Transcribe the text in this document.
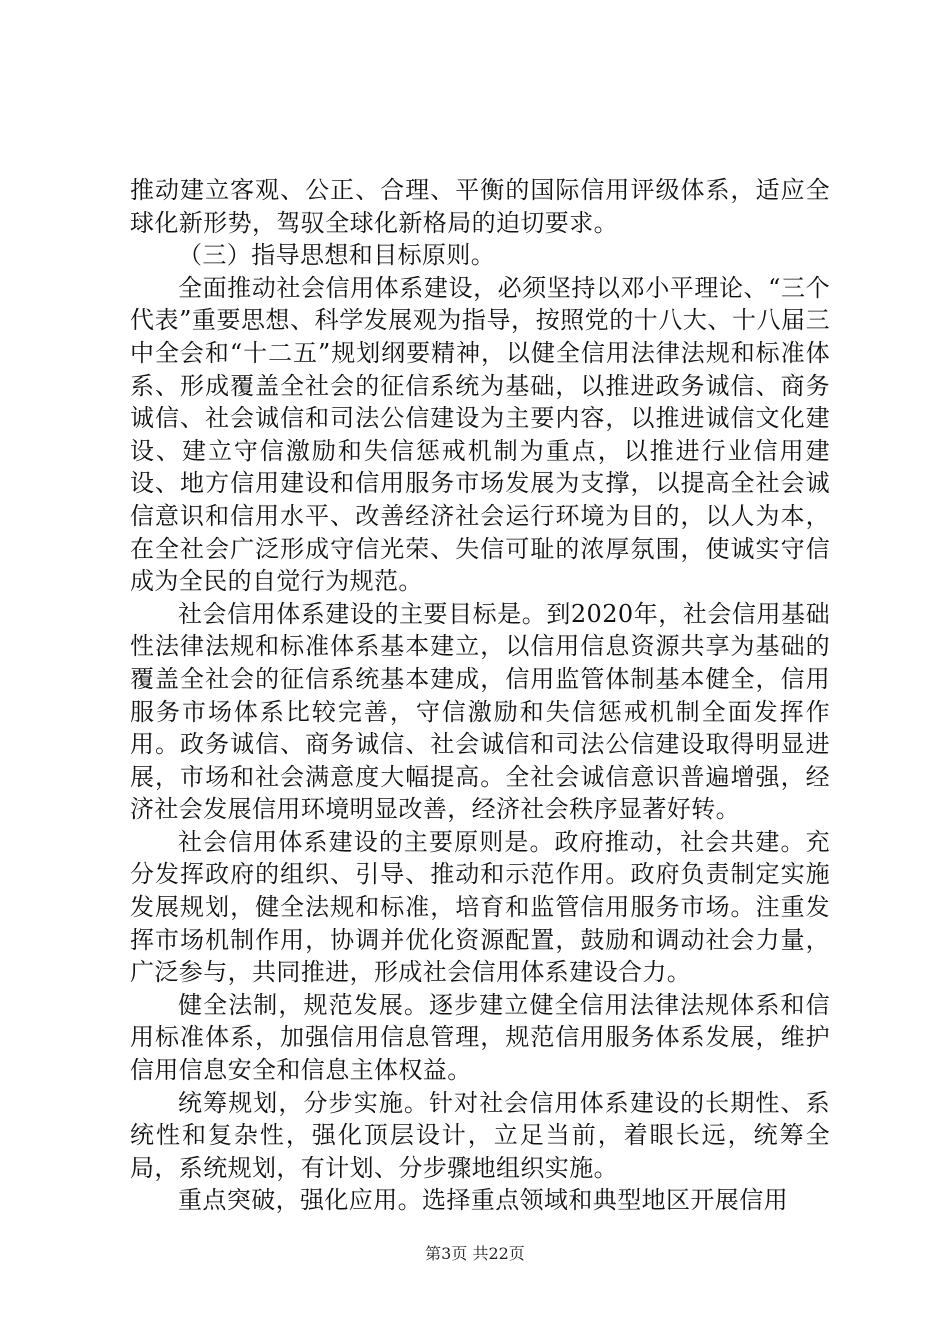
推动建立客观、公正、合理、平衡的国际信用评级体系，适应全球化新形势，驾驭全球化新格局的迫切要求。

（三）指导思想和目标原则。

全面推动社会信用体系建设，必须坚持以邓小平理论、“三个代表”重要思想、科学发展观为指导，按照党的十八大、十八届三中全会和“十二五”规划纲要精神，以健全信用法律法规和标准体系、形成覆盖全社会的征信系统为基础，以推进政务诚信、商务诚信、社会诚信和司法公信建设为主要内容，以推进诚信文化建设、建立守信激励和失信惩戒机制为重点，以推进行业信用建设、地方信用建设和信用服务市场发展为支撑，以提高全社会诚信意识和信用水平、改善经济社会运行环境为目的，以人为本，在全社会广泛形成守信光荣、失信可耻的浓厚氛围，使诚实守信成为全民的自觉行为规范。

社会信用体系建设的主要目标是。到2020年，社会信用基础性法律法规和标准体系基本建立，以信用信息资源共享为基础的覆盖全社会的征信系统基本建成，信用监管体制基本健全，信用服务市场体系比较完善，守信激励和失信惩戒机制全面发挥作用。政务诚信、商务诚信、社会诚信和司法公信建设取得明显进展，市场和社会满意度大幅提高。全社会诚信意识普遍增强，经济社会发展信用环境明显改善，经济社会秩序显著好转。

社会信用体系建设的主要原则是。政府推动，社会共建。充分发挥政府的组织、引导、推动和示范作用。政府负责制定实施发展规划，健全法规和标准，培育和监管信用服务市场。注重发挥市场机制作用，协调并优化资源配置，鼓励和调动社会力量，广泛参与，共同推进，形成社会信用体系建设合力。

健全法制，规范发展。逐步建立健全信用法律法规体系和信用标准体系，加强信用信息管理，规范信用服务体系发展，维护信用信息安全和信息主体权益。

统筹规划，分步实施。针对社会信用体系建设的长期性、系统性和复杂性，强化顶层设计，立足当前，着眼长远，统筹全局，系统规划，有计划、分步骤地组织实施。

重点突破，强化应用。选择重点领域和典型地区开展信用

第3页 共22页
